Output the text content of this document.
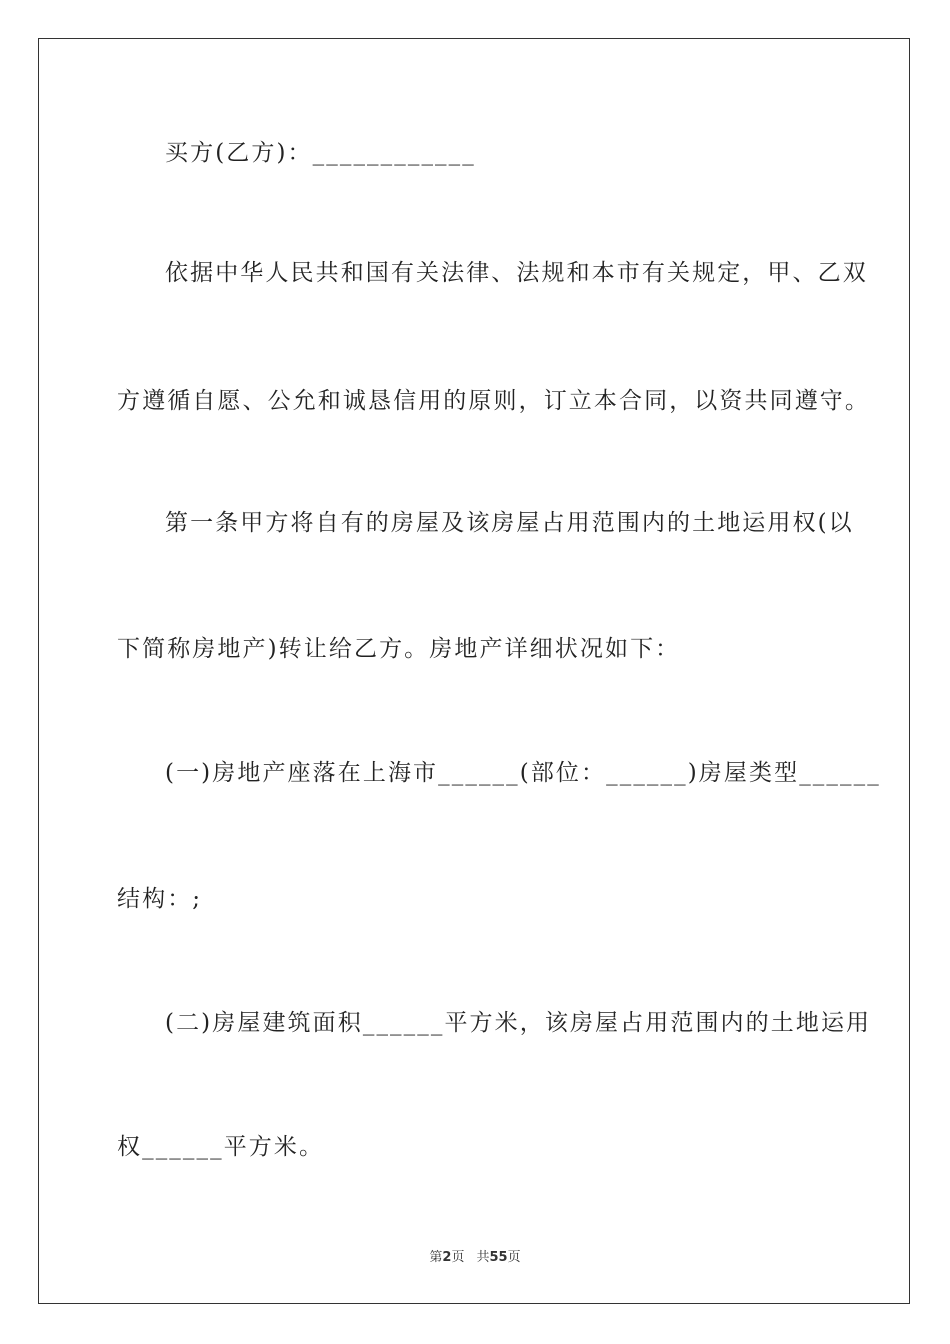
买方(乙方)：____________
依据中华人民共和国有关法律、法规和本市有关规定，甲、乙双
方遵循自愿、公允和诚恳信用的原则，订立本合同，以资共同遵守。
第一条甲方将自有的房屋及该房屋占用范围内的土地运用权(以
下简称房地产)转让给乙方。房地产详细状况如下：
(一)房地产座落在上海市______(部位：______)房屋类型______
结构：;
(二)房屋建筑面积______平方米，该房屋占用范围内的土地运用
权______平方米。
第2页 共55页
